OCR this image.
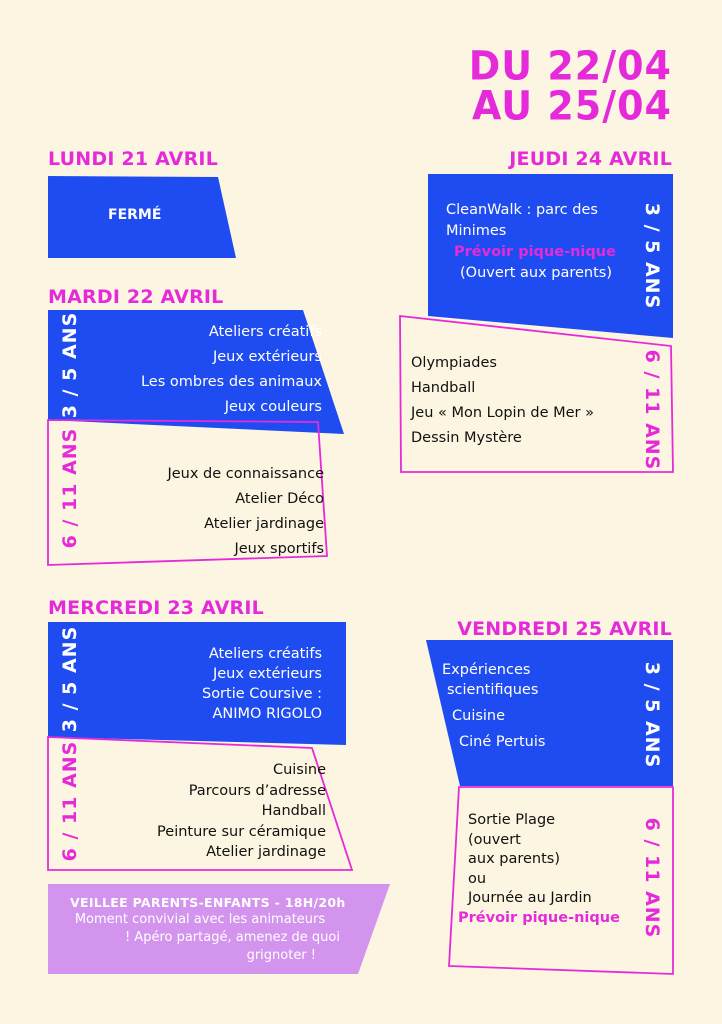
DU 22/04
AU 25/04
LUNDI 21 AVRIL
FERMÉ
MARDI 22 AVRIL
3 / 5 ANS	Ateliers créatifs
Jeux extérieurs
Les ombres des animaux
Jeux couleurs
6 / 11 ANS	Jeux de connaissance
Atelier Déco
Atelier jardinage
Jeux sportifs
MERCREDI 23 AVRIL
3 / 5 ANS	Ateliers créatifs
Jeux extérieurs
Sortie Coursive :
ANIMO RIGOLO
6 / 11 ANS	Cuisine
Parcours d’adresse
Handball
Peinture sur céramique
Atelier jardinage
VEILLEE PARENTS-ENFANTS - 18H/20h
Moment convivial avec les animateurs
! Apéro partagé, amenez de quoi
grignoter !
JEUDI 24 AVRIL
CleanWalk : parc des
Minimes
Prévoir pique-nique
(Ouvert aux parents) 3 / 5 ANS
Olympiades
Handball
Jeu « Mon Lopin de Mer »
Dessin Mystère	6 / 11 ANS
VENDREDI 25 AVRIL
Expériences
scientifiques
Cuisine
Ciné Pertuis	3 / 5 ANS
Sortie Plage
(ouvert
aux parents)
ou
Journée au Jardin
Prévoir pique-nique 6 / 11 ANS
